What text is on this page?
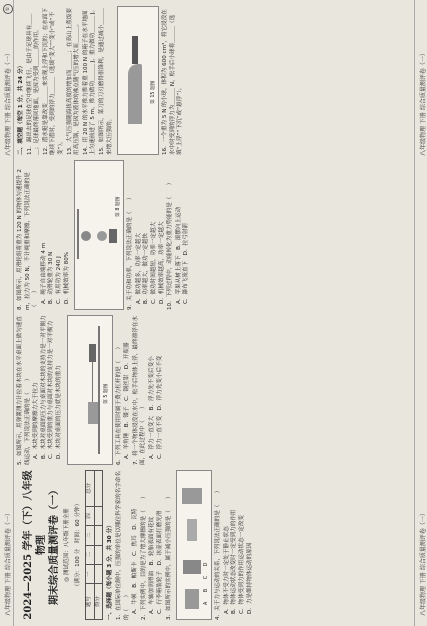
八年级物理 下册 综合质量测评卷（一）
八年级物理 下册 综合质量测评卷（一）
①
2024—2025 学年（下）八年级物理 期末综合质量测评卷（一） ◎ 测试范围：八年级下册全册 （满分：100 分　时间：60 分钟）
题号	一	二	三	四	总分
得分					一、选择题（每小题 3 分，共 30 分） 1．在国际单位制中，压强的单位是以哪位科学家的名字命名的（　　） A．牛顿　B．帕斯卡　C．焦耳　D．瓦特 2．下列实例中，目的是为了增大摩擦的是（　　） A．车轴加润滑油　B．轮胎表面有花纹 C．行李箱装轮子　D．冰壶表面打磨光滑 3．如图所示的实例中，属于减小压强的是（　　）	A　　B　　C　　D 4．关于力与运动的关系，下列说法正确的是（　　） A．物体不受力时一定处于静止状态 B．物体运动状态改变时一定受到力的作用 C．物体受到力的作用运动状态一定改变 D．力是维持物体运动的原因
5．如图所示，用弹簧测力计拉着木块在水平桌面上做匀速直线运动，下列说法正确的是（　　） A．木块受到的摩擦力大于拉力 B．木块对桌面的压力与桌面对木块的支持力是一对平衡力 C．木块受到的重力与桌面对木块的支持力是一对平衡力 D．木块对桌面的压力就是木块的重力	第 5 题图 6．下列工具在使用时属于费力杠杆的是（　　） A．羊角锤　B．镊子　C．钢丝钳　D．开瓶器 7．将一个物体浸没在水中，松手后物体上浮，最终漂浮在水面，在此过程中（　　） A．浮力一直变大　B．浮力先不变后变小 C．浮力一直不变　D．浮力先变小后不变
8．如图所示，用滑轮组将重为 120 N 的物体匀速提升 2 m，拉力为 50 N，不计绳重和摩擦，下列说法正确的是（　　） A．绳子自由端移动 4 m B．动滑轮重为 30 N C．有用功为 240 J D．机械效率为 80%
第 8 题图 9．关于功和功率，下列说法正确的是（　　） A．做功越多，功率一定越大 B．功率越大，做功一定越快 C．做功时间越短，功率一定越大 D．机械效率越高，功率一定越大 10．下列过程中，动能转化为重力势能的是（　　） A．苹果从树上落下　B．滚摆向上运动 C．瀑布飞流直下　D．拉弓射箭
二、填空题（每空 1 分，共 24 分） 11．踢出去的足球在空中继续飞行，是由于足球具有＿＿＿；足球最终落回地面，是因为受到＿＿＿的作用。 12．潜水艇是靠改变＿＿＿来实现上浮和下沉的；在水面下继续下潜时，受到的浮力＿＿＿（选填“变大”“变小”或“不变”）。 13．大气压强随海拔高度的增加而＿＿＿；在高山上煮饭要用高压锅，是因为液体的沸点随气压的增大而＿＿＿。 14．用 20 N 的水平推力推着重 100 N 的箱子在水平地面上匀速前进了 5 m，推力做功＿＿＿ J，重力做功＿＿＿ J。 15．如图所示，菜刀的刀刃磨得很锋利，是通过减小＿＿＿来增大压强的。
第 15 题图 16．一个重为 5 N 的小球，体积为 600 cm³，将它浸没在水中时受到的浮力为＿＿＿ N，松手后小球将＿＿＿（选填“上浮”“下沉”或“悬浮”）。
八年级物理 下册 综合质量测评卷（一）
八年级物理 下册 综合质量测评卷（一）
